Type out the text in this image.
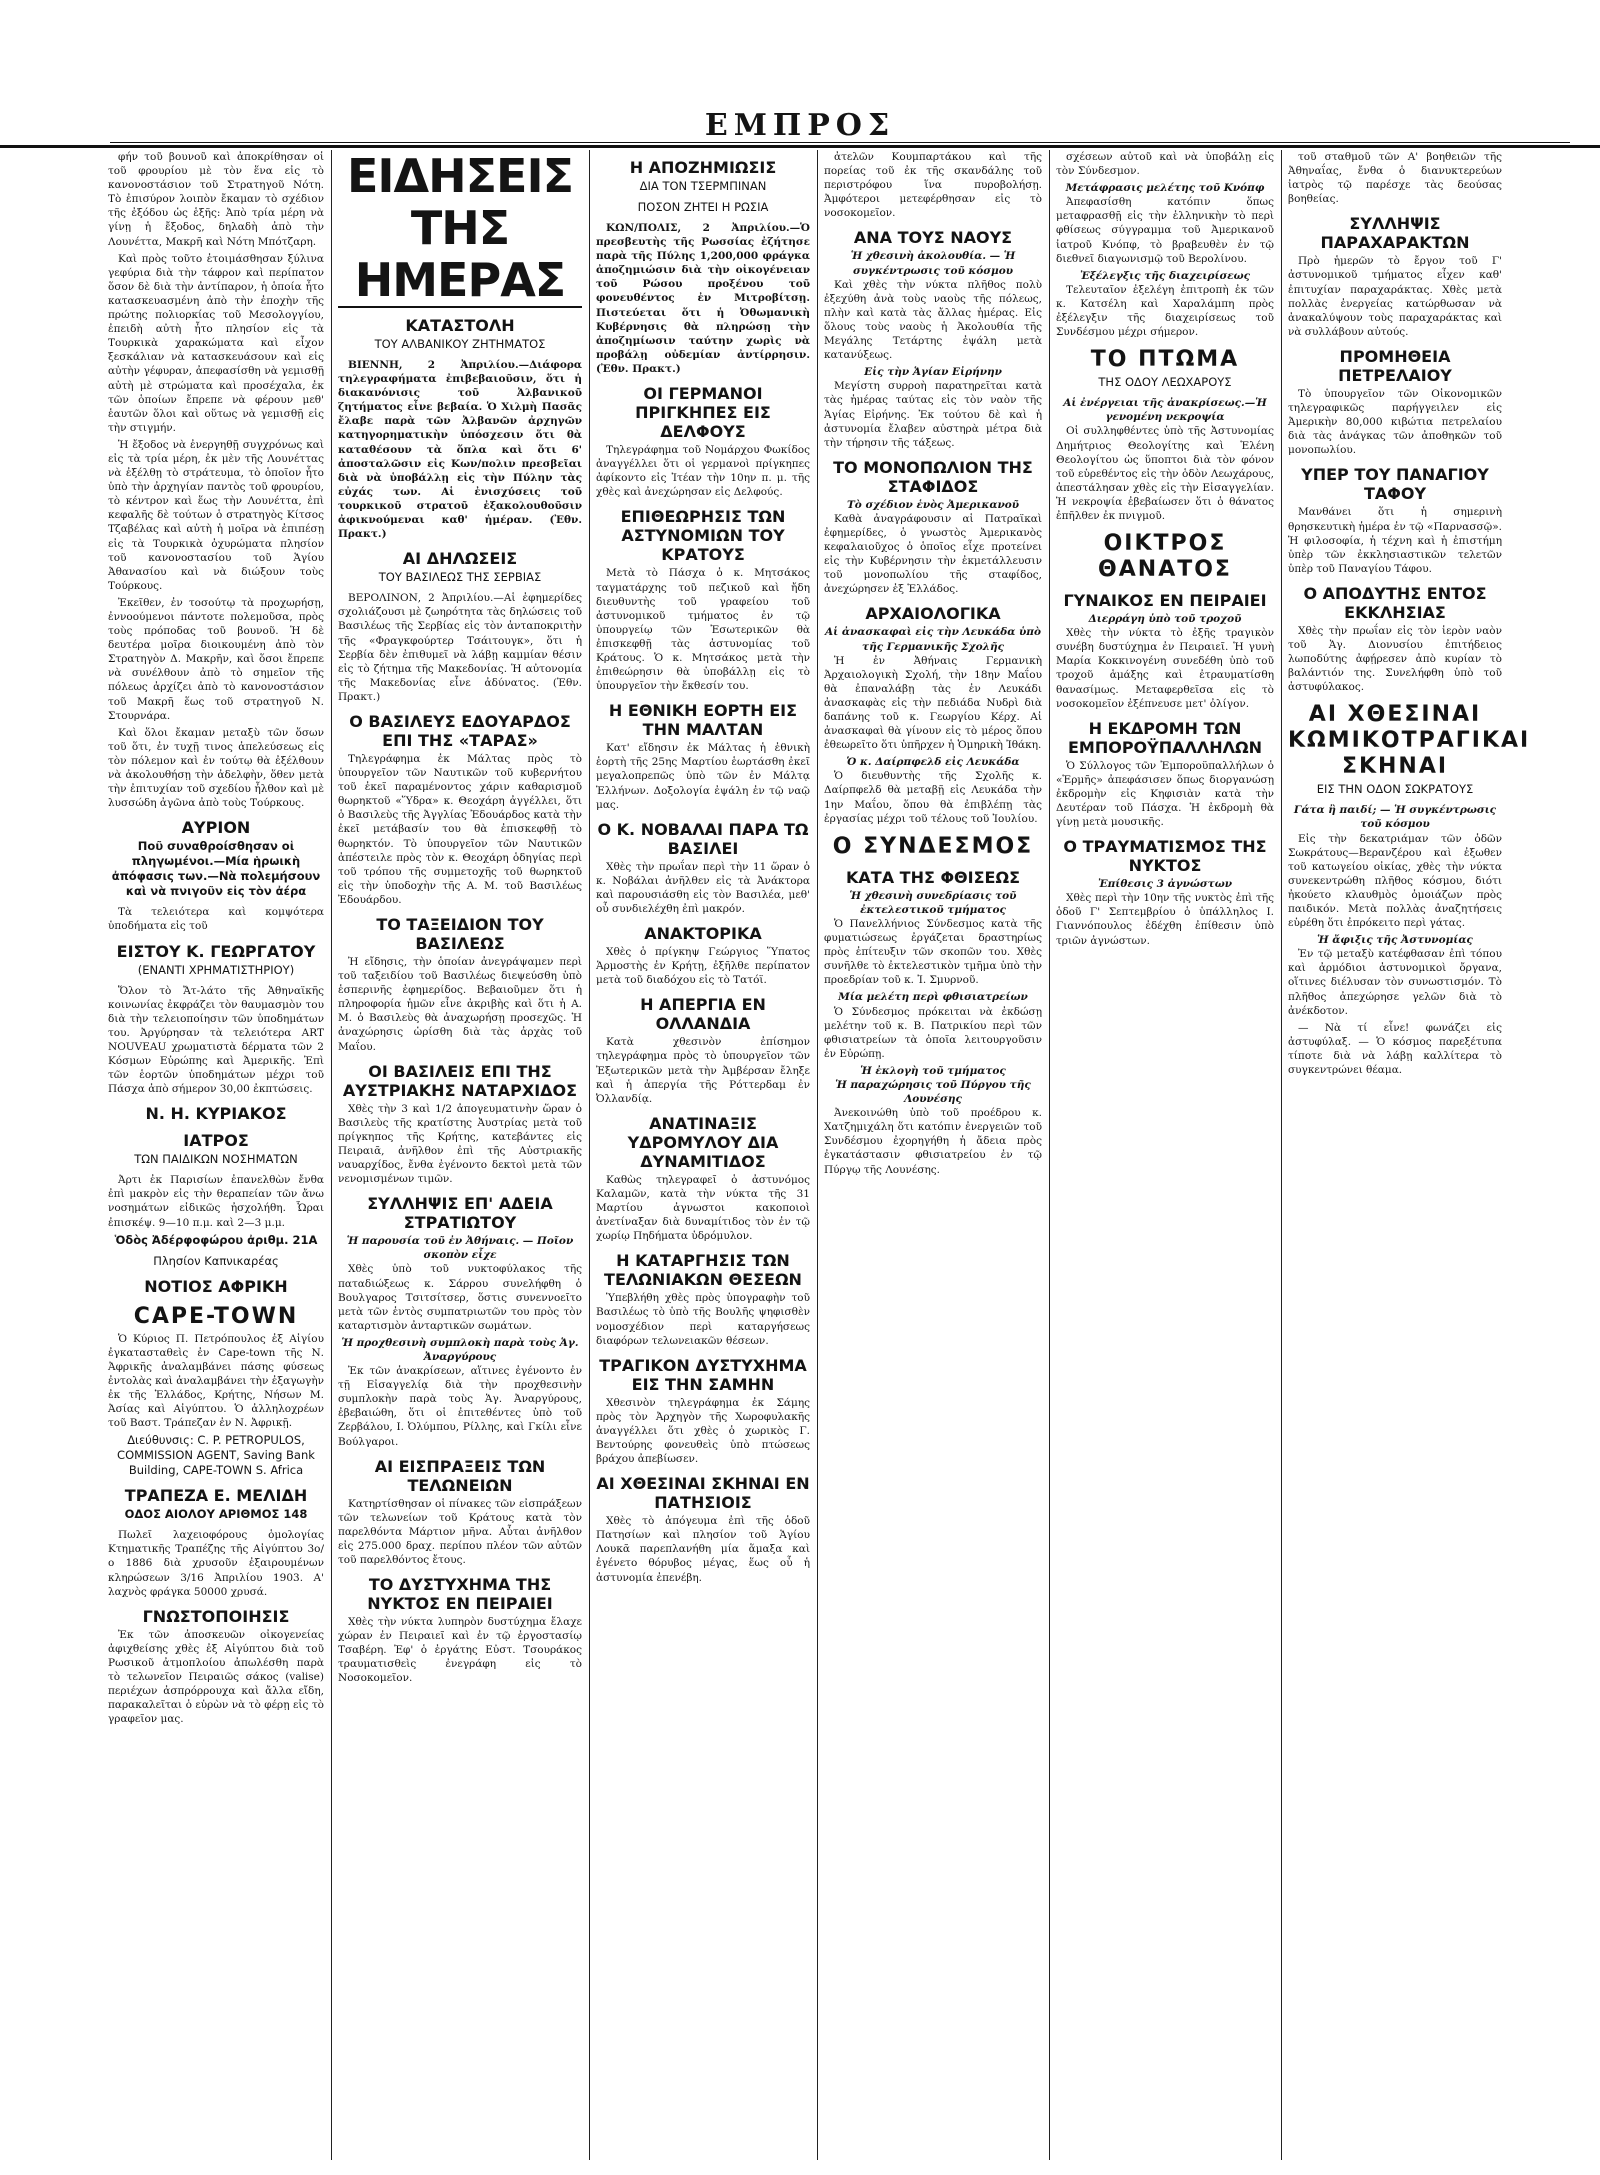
ΕΜΠΡΟΣ
φήν τοῦ βουνοῦ καὶ ἀποκρίθησαν οἱ τοῦ φρουρίου μὲ τὸν ἕνα εἰς τὸ κανονοστάσιον τοῦ Στρατηγοῦ Νότη. Τὸ ἐπισύρον λοιπὸν ἔκαμαν τὸ σχέδιον τῆς ἐξόδου ὡς ἑξῆς: Ἀπὸ τρία μέρη νὰ γίνῃ ἡ ἔξοδος, δηλαδὴ ἀπὸ τὴν Λουνέττα, Μακρῆ καὶ Νότη Μπότζαρη.
Καὶ πρὸς τοῦτο ἑτοιμάσθησαν ξύλινα γεφύρια διὰ τὴν τάφρον καὶ περίπατον ὅσον δὲ διὰ τὴν ἀντίπαρον, ἡ ὁποία ἦτο κατασκευασμένη ἀπὸ τὴν ἐποχὴν τῆς πρώτης πολιορκίας τοῦ Μεσολογγίου, ἐπειδὴ αὐτὴ ἦτο πλησίον εἰς τὰ Τουρκικὰ χαρακώματα καὶ εἶχον ξεσκάλιαν νὰ κατασκευάσουν καὶ εἰς αὐτὴν γέφυραν, ἀπεφασίσθη νὰ γεμισθῇ αὐτὴ μὲ στρώματα καὶ προσέχαλα, ἐκ τῶν ὁποίων ἔπρεπε νὰ φέρουν μεθ' ἑαυτῶν ὅλοι καὶ οὕτως νὰ γεμισθῇ εἰς τὴν στιγμήν.
Ἡ ἔξοδος νὰ ἐνεργηθῇ συγχρόνως καὶ εἰς τὰ τρία μέρη, ἐκ μὲν τῆς Λουνέττας νὰ ἐξέλθῃ τὸ στράτευμα, τὸ ὁποῖον ἦτο ὑπὸ τὴν ἀρχηγίαν παντὸς τοῦ φρουρίου, τὸ κέντρον καὶ ἕως τὴν Λουνέττα, ἐπὶ κεφαλῆς δὲ τούτων ὁ στρατηγὸς Κίτσος Τζαβέλας καὶ αὐτὴ ἡ μοῖρα νὰ ἐπιπέσῃ εἰς τὰ Τουρκικὰ ὀχυρώματα πλησίον τοῦ κανονοστασίου τοῦ Ἁγίου Ἀθανασίου καὶ νὰ διώξουν τοὺς Τούρκους.
Ἐκεῖθεν, ἐν τοσούτῳ τὰ προχωρήσῃ, ἐννοούμενοι πάντοτε πολεμοῦσα, πρὸς τοὺς πρόποδας τοῦ βουνοῦ. Ἡ δὲ δευτέρα μοῖρα διοικουμένη ἀπὸ τὸν Στρατηγὸν Δ. Μακρῆν, καὶ ὅσοι ἔπρεπε νὰ συνέλθουν ἀπὸ τὸ σημεῖον τῆς πόλεως ἀρχίζει ἀπὸ τὸ κανονοστάσιον τοῦ Μακρῆ ἕως τοῦ στρατηγοῦ Ν. Στουρνάρα.
Καὶ ὅλοι ἔκαμαν μεταξὺ τῶν ὅσων τοῦ ὅτι, ἐν τυχῇ τινος ἀπελεύσεως εἰς τὸν πόλεμον καὶ ἐν τούτῳ θὰ ἐξέλθουν νὰ ἀκολουθήσῃ τὴν ἀδελφὴν, ὅθεν μετὰ τὴν ἐπιτυχίαν τοῦ σχεδίου ἦλθον καὶ μὲ λυσσώδη ἀγῶνα ἀπὸ τοὺς Τούρκους.
ΑΥΡΙΟΝ
Ποῦ συναθροίσθησαν οἱ πληγωμένοι.—Μία ἡρωικὴ ἀπόφασις των.—Νὰ πολεμήσουν καὶ νὰ πνιγοῦν εἰς τὸν ἀέρα
Τὰ τελειότερα καὶ κομψότερα ὑποδήματα εἰς τοῦ
ΕΙΣΤΟΥ Κ. ΓΕΩΡΓΑΤΟΥ
(ΕΝΑΝΤΙ ΧΡΗΜΑΤΙΣΤΗΡΙΟΥ)
Ὅλον τὸ Ἄτ-λάτο τῆς Ἀθηναϊκῆς κοινωνίας ἐκφράζει τὸν θαυμασμὸν του διὰ τὴν τελειοποίησιν τῶν ὑποδημάτων του. Ἀργύρησαν τὰ τελειότερα ART NOUVEAU χρωματιστὰ δέρματα τῶν 2 Κόσμων Εὐρώπης καὶ Ἀμερικῆς. Ἐπὶ τῶν ἑορτῶν ὑποδημάτων μέχρι τοῦ Πάσχα ἀπὸ σήμερον 30,00 ἐκπτώσεις.
Ν. Η. ΚΥΡΙΑΚΟΣ
ΙΑΤΡΟΣ
ΤΩΝ ΠΑΙΔΙΚΩΝ ΝΟΣΗΜΑΤΩΝ
Ἀρτι ἐκ Παρισίων ἐπανελθὼν ἔνθα ἐπὶ μακρὸν εἰς τὴν θεραπείαν τῶν ἄνω νοσημάτων εἰδικῶς ἠσχολήθη. Ὧραι ἐπισκέψ. 9—10 π.μ. καὶ 2—3 μ.μ.
Ὁδὸς Ἀδέρφοφώρου ἀριθμ. 21Α
Πλησίον Καπνικαρέας
ΝΟΤΙΟΣ ΑΦΡΙΚΗ
CAPE-TOWN
Ὁ Κύριος Π. Πετρόπουλος ἐξ Αἰγίου ἐγκατασταθεὶς ἐν Cape-town τῆς Ν. Ἀφρικῆς ἀναλαμβάνει πάσης φύσεως ἐντολὰς καὶ ἀναλαμβάνει τὴν ἐξαγωγὴν ἐκ τῆς Ἑλλάδος, Κρήτης, Νήσων Μ. Ἀσίας καὶ Αἰγύπτου. Ὁ ἀλληλοχρέων τοῦ Βαστ. Τράπεζαν ἐν Ν. Ἀφρικῇ.
Διεύθυνσις: C. P. PETROPULOS, COMMISSION AGENT, Saving Bank Building, CAPE-TOWN S. Africa
ΤΡΑΠΕΖΑ Ε. ΜΕΛΙΔΗ
ΟΔΟΣ ΑΙΟΛΟΥ ΑΡΙΘΜΟΣ 148
Πωλεῖ λαχειοφόρους ὁμολογίας Κτηματικῆς Τραπέζης τῆς Αἰγύπτου 3ο/ο 1886 διὰ χρυσοῦν ἐξαιρουμένων κληρώσεων 3/16 Ἀπριλίου 1903. Α' λαχνὸς φράγκα 50000 χρυσά.
ΓΝΩΣΤΟΠΟΙΗΣΙΣ
Ἐκ τῶν ἀποσκευῶν οἰκογενείας ἀφιχθείσης χθὲς ἐξ Αἰγύπτου διὰ τοῦ Ρωσικοῦ ἀτμοπλοίου ἀπωλέσθη παρὰ τὸ τελωνεῖον Πειραιῶς σάκος (valise) περιέχων ἀσπρόρρουχα καὶ ἄλλα εἴδη, παρακαλεῖται ὁ εὑρὼν νὰ τὸ φέρῃ εἰς τὸ γραφεῖον μας.
ΕΙΔΗΣΕΙΣ ΤΗΣ ΗΜΕΡΑΣ
ΚΑΤΑΣΤΟΛΗ
ΤΟΥ ΑΛΒΑΝΙΚΟΥ ΖΗΤΗΜΑΤΟΣ
ΒΙΕΝΝΗ, 2 Ἀπριλίου.—Διάφορα τηλεγραφήματα ἐπιβεβαιοῦσιν, ὅτι ἡ διακανόνισις τοῦ Ἀλβανικοῦ ζητήματος εἶνε βεβαία. Ὁ Χιλμὴ Πασᾶς ἔλαβε παρὰ τῶν Ἀλβανῶν ἀρχηγῶν κατηγορηματικὴν ὑπόσχεσιν ὅτι θὰ καταθέσουν τὰ ὅπλα καὶ ὅτι 6' ἀποσταλῶσιν εἰς Κων/πολιν πρεσβεῖαι διὰ νὰ ὑποβάλλῃ εἰς τὴν Πύλην τὰς εὐχάς των. Αἱ ἐνισχύσεις τοῦ τουρκικοῦ στρατοῦ ἐξακολουθοῦσιν ἀφικνούμεναι καθ' ἡμέραν. (Ἐθν. Πρακτ.)
ΑΙ ΔΗΛΩΣΕΙΣ
ΤΟΥ ΒΑΣΙΛΕΩΣ ΤΗΣ ΣΕΡΒΙΑΣ
ΒΕΡΟΛΙΝΟΝ, 2 Ἀπριλίου.—Αἱ ἐφημερίδες σχολιάζουσι μὲ ζωηρότητα τὰς δηλώσεις τοῦ Βασιλέως τῆς Σερβίας εἰς τὸν ἀνταποκριτὴν τῆς «Φραγκφούρτερ Τσάιτουγκ», ὅτι ἡ Σερβία δὲν ἐπιθυμεῖ νὰ λάβῃ καμμίαν θέσιν εἰς τὸ ζήτημα τῆς Μακεδονίας. Ἡ αὐτονομία τῆς Μακεδονίας εἶνε ἀδύνατος. (Ἐθν. Πρακτ.)
Ο ΒΑΣΙΛΕΥΣ ΕΔΟΥΑΡΔΟΣ ΕΠΙ ΤΗΣ «ΤΑΡΑΣ»
Τηλεγράφημα ἐκ Μάλτας πρὸς τὸ ὑπουργεῖον τῶν Ναυτικῶν τοῦ κυβερνήτου τοῦ ἐκεῖ παραμένοντος χάριν καθαρισμοῦ θωρηκτοῦ «Ὕδρα» κ. Θεοχάρη ἀγγέλλει, ὅτι ὁ Βασιλεὺς τῆς Ἀγγλίας Ἐδουάρδος κατὰ τὴν ἐκεῖ μετάβασίν του θὰ ἐπισκεφθῇ τὸ θωρηκτόν. Τὸ ὑπουργεῖον τῶν Ναυτικῶν ἀπέστειλε πρὸς τὸν κ. Θεοχάρη ὁδηγίας περὶ τοῦ τρόπου τῆς συμμετοχῆς τοῦ θωρηκτοῦ εἰς τὴν ὑποδοχὴν τῆς Α. Μ. τοῦ Βασιλέως Ἐδουάρδου.
ΤΟ ΤΑΞΕΙΔΙΟΝ ΤΟΥ ΒΑΣΙΛΕΩΣ
Ἠ εἴδησις, τὴν ὁποίαν ἀνεγράψαμεν περὶ τοῦ ταξειδίου τοῦ Βασιλέως διεψεύσθη ὑπὸ ἑσπερινῆς ἐφημερίδος. Βεβαιοῦμεν ὅτι ἡ πληροφορία ἡμῶν εἶνε ἀκριβὴς καὶ ὅτι ἡ Α. Μ. ὁ Βασιλεὺς θὰ ἀναχωρήσῃ προσεχῶς. Ἡ ἀναχώρησις ὡρίσθη διὰ τὰς ἀρχὰς τοῦ Μαΐου.
ΟΙ ΒΑΣΙΛΕΙΣ ΕΠΙ ΤΗΣ ΑΥΣΤΡΙΑΚΗΣ ΝΑΤΑΡΧΙΔΟΣ
Χθὲς τὴν 3 καὶ 1/2 ἀπογευματινὴν ὥραν ὁ Βασιλεὺς τῆς κρατίστης Ἀυστρίας μετὰ τοῦ πρίγκηπος τῆς Κρήτης, κατεβάντες εἰς Πειραιᾶ, ἀνῆλθον ἐπὶ τῆς Αὐστριακῆς ναυαρχίδος, ἔνθα ἐγένοντο δεκτοὶ μετὰ τῶν νενομισμένων τιμῶν.
ΣΥΛΛΗΨΙΣ ΕΠ' ΑΔΕΙΑ ΣΤΡΑΤΙΩΤΟΥ
Ἡ παρουσία τοῦ ἐν Ἀθήναις. — Ποῖον σκοπὸν εἶχε
Χθὲς ὑπὸ τοῦ νυκτοφύλακος τῆς παταδιώξεως κ. Σάρρου συνελήφθη ὁ Βουλγαρος Τσιτσίτσερ, ὅστις συνεννοεῖτο μετὰ τῶν ἐντὸς συμπατριωτῶν του πρὸς τὸν καταρτισμὸν ἀνταρτικῶν σωμάτων.
Ἡ προχθεσινὴ συμπλοκὴ παρὰ τοὺς Ἁγ. Ἀναργύρους
Ἐκ τῶν ἀνακρίσεων, αἵτινες ἐγένοντο ἐν τῇ Εἰσαγγελίᾳ διὰ τὴν προχθεσινὴν συμπλοκὴν παρὰ τοὺς Ἁγ. Ἀναργύρους, ἐβεβαιώθη, ὅτι οἱ ἐπιτεθέντες ὑπὸ τοῦ Ζερβάλου, Ι. Ὀλύμπου, Ρίλλης, καὶ Γκίλι εἶνε Βούλγαροι.
ΑΙ ΕΙΣΠΡΑΞΕΙΣ ΤΩΝ ΤΕΛΩΝΕΙΩΝ
Κατηρτίσθησαν οἱ πίνακες τῶν εἰσπράξεων τῶν τελωνείων τοῦ Κράτους κατὰ τὸν παρελθόντα Μάρτιον μῆνα. Αὗται ἀνῆλθον εἰς 275.000 δραχ. περίπου πλέον τῶν αὐτῶν τοῦ παρελθόντος ἔτους.
ΤΟ ΔΥΣΤΥΧΗΜΑ ΤΗΣ ΝΥΚΤΟΣ ΕΝ ΠΕΙΡΑΙΕΙ
Χθὲς τὴν νύκτα λυπηρὸν δυστύχημα ἔλαχε χώραν ἐν Πειραιεῖ καὶ ἐν τῷ ἐργοστασίῳ Τσαβέρη. Ἐφ' ὁ ἐργάτης Εὐστ. Τσουράκος τραυματισθεὶς ἐνεγράφη εἰς τὸ Νοσοκομεῖον.
Η ΑΠΟΖΗΜΙΩΣΙΣ
ΔΙΑ ΤΟΝ ΤΣΕΡΜΠΙΝΑΝ
ΠΟΣΟΝ ΖΗΤΕΙ Η ΡΩΣΙΑ
ΚΩΝ/ΠΟΛΙΣ, 2 Ἀπριλίου.—Ὁ πρεσβευτὴς τῆς Ρωσσίας ἐζήτησε παρὰ τῆς Πύλης 1,200,000 φράγκα ἀποζημιώσιν διὰ τὴν οἰκογένειαν τοῦ Ρώσου προξένου τοῦ φονευθέντος ἐν Μιτροβίτσῃ. Πιστεύεται ὅτι ἡ Ὀθωμανικὴ Κυβέρνησις θὰ πληρώσῃ τὴν ἀποζημίωσιν ταύτην χωρὶς νὰ προβάλῃ οὐδεμίαν ἀντίρρησιν. (Ἐθν. Πρακτ.)
ΟΙ ΓΕΡΜΑΝΟΙ ΠΡΙΓΚΗΠΕΣ ΕΙΣ ΔΕΛΦΟΥΣ
Τηλεγράφημα τοῦ Νομάρχου Φωκίδος ἀναγγέλλει ὅτι οἱ γερμανοὶ πρίγκηπες ἀφίκοντο εἰς Ἰτέαν τὴν 10ην π. μ. τῆς χθὲς καὶ ἀνεχώρησαν εἰς Δελφούς.
ΕΠΙΘΕΩΡΗΣΙΣ ΤΩΝ ΑΣΤΥΝΟΜΙΩΝ ΤΟΥ ΚΡΑΤΟΥΣ
Μετὰ τὸ Πάσχα ὁ κ. Μητσάκος ταγματάρχης τοῦ πεζικοῦ καὶ ἤδη διευθυντὴς τοῦ γραφείου τοῦ ἀστυνομικοῦ τμήματος ἐν τῷ ὑπουργείῳ τῶν Ἐσωτερικῶν θὰ ἐπισκεφθῇ τὰς ἀστυνομίας τοῦ Κράτους. Ὁ κ. Μητσάκος μετὰ τὴν ἐπιθεώρησιν θὰ ὑποβάλλῃ εἰς τὸ ὑπουργεῖον τὴν ἔκθεσίν του.
Η ΕΘΝΙΚΗ ΕΟΡΤΗ ΕΙΣ ΤΗΝ ΜΑΛΤΑΝ
Κατ' εἴδησιν ἐκ Μάλτας ἡ ἐθνικὴ ἑορτὴ τῆς 25ης Μαρτίου ἑωρτάσθη ἐκεῖ μεγαλοπρεπῶς ὑπὸ τῶν ἐν Μάλτᾳ Ἑλλήνων. Δοξολογία ἐψάλη ἐν τῷ ναῷ μας.
Ο Κ. ΝΟΒΑΛΑΙ ΠΑΡΑ ΤΩ ΒΑΣΙΛΕΙ
Χθὲς τὴν πρωΐαν περὶ τὴν 11 ὥραν ὁ κ. Νοβάλαι ἀνῆλθεν εἰς τὰ Ἀνάκτορα καὶ παρουσιάσθη εἰς τὸν Βασιλέα, μεθ' οὗ συνδιελέχθη ἐπὶ μακρόν.
ΑΝΑΚΤΟΡΙΚΑ
Χθὲς ὁ πρίγκηψ Γεώργιος Ὕπατος Ἁρμοστὴς ἐν Κρήτῃ, ἐξῆλθε περίπατον μετὰ τοῦ διαδόχου εἰς τὸ Τατόϊ.
Η ΑΠΕΡΓΙΑ ΕΝ ΟΛΛΑΝΔΙΑ
Κατὰ χθεσινὸν ἐπίσημον τηλεγράφημα πρὸς τὸ ὑπουργεῖον τῶν Ἐξωτερικῶν μετὰ τὴν Ἀμβέρσαν ἔληξε καὶ ἡ ἀπεργία τῆς Ρόττερδαμ ἐν Ὀλλανδίᾳ.
ΑΝΑΤΙΝΑΞΙΣ ΥΔΡΟΜΥΛΟΥ ΔΙΑ ΔΥΝΑΜΙΤΙΔΟΣ
Καθὼς τηλεγραφεῖ ὁ ἀστυνόμος Καλαμῶν, κατὰ τὴν νύκτα τῆς 31 Μαρτίου ἀγνωστοι κακοποιοὶ ἀνετίναξαν διὰ δυναμίτιδος τὸν ἐν τῷ χωρίῳ Πηδήματα ὑδρόμυλον.
Η ΚΑΤΑΡΓΗΣΙΣ ΤΩΝ ΤΕΛΩΝΙΑΚΩΝ ΘΕΣΕΩΝ
Ὑπεβλήθη χθὲς πρὸς ὑπογραφὴν τοῦ Βασιλέως τὸ ὑπὸ τῆς Βουλῆς ψηφισθὲν νομοσχέδιον περὶ καταργήσεως διαφόρων τελωνειακῶν θέσεων.
ΤΡΑΓΙΚΟΝ ΔΥΣΤΥΧΗΜΑ ΕΙΣ ΤΗΝ ΣΑΜΗΝ
Χθεσινὸν τηλεγράφημα ἐκ Σάμης πρὸς τὸν Ἀρχηγὸν τῆς Χωροφυλακῆς ἀναγγέλλει ὅτι χθὲς ὁ χωρικὸς Γ. Βεντούρης φονευθεὶς ὑπὸ πτώσεως βράχου ἀπεβίωσεν.
ΑΙ ΧΘΕΣΙΝΑΙ ΣΚΗΝΑΙ ΕΝ ΠΑΤΗΣΙΟΙΣ
Χθὲς τὸ ἀπόγευμα ἐπὶ τῆς ὁδοῦ Πατησίων καὶ πλησίον τοῦ Ἁγίου Λουκᾶ παρεπλανήθη μία ἅμαξα καὶ ἐγένετο θόρυβος μέγας, ἕως οὗ ἡ ἀστυνομία ἐπενέβη.
ἀτελῶν Κουμπαρτάκου καὶ τῆς πορείας τοῦ ἐκ τῆς σκανδάλης τοῦ περιστρόφου ἵνα πυροβολήσῃ. Ἀμφότεροι μετεφέρθησαν εἰς τὸ νοσοκομεῖον.
ΑΝΑ ΤΟΥΣ ΝΑΟΥΣ
Ἡ χθεσινὴ ἀκολουθία. — Ἡ συγκέντρωσις τοῦ κόσμου
Καὶ χθὲς τὴν νύκτα πλῆθος πολὺ ἐξεχύθη ἀνὰ τοὺς ναοὺς τῆς πόλεως, πλὴν καὶ κατὰ τὰς ἄλλας ἡμέρας. Εἰς ὅλους τοὺς ναοὺς ἡ Ἀκολουθία τῆς Μεγάλης Τετάρτης ἐψάλη μετὰ κατανύξεως.
Εἰς τὴν Ἁγίαν Εἰρήνην
Μεγίστη συρροὴ παρατηρεῖται κατὰ τὰς ἡμέρας ταύτας εἰς τὸν ναὸν τῆς Ἁγίας Εἰρήνης. Ἐκ τούτου δὲ καὶ ἡ ἀστυνομία ἔλαβεν αὐστηρὰ μέτρα διὰ τὴν τήρησιν τῆς τάξεως.
ΤΟ ΜΟΝΟΠΩΛΙΟΝ ΤΗΣ ΣΤΑΦΙΔΟΣ
Τὸ σχέδιον ἑνὸς Ἀμερικανοῦ
Καθὰ ἀναγράφουσιν αἱ Πατραϊκαὶ ἐφημερίδες, ὁ γνωστὸς Ἀμερικανὸς κεφαλαιοῦχος ὁ ὁποῖος εἶχε προτείνει εἰς τὴν Κυβέρνησιν τὴν ἐκμετάλλευσιν τοῦ μονοπωλίου τῆς σταφίδος, ἀνεχώρησεν ἐξ Ἑλλάδος.
ΑΡΧΑΙΟΛΟΓΙΚΑ
Αἱ ἀνασκαφαὶ εἰς τὴν Λευκάδα ὑπὸ τῆς Γερμανικῆς Σχολῆς
Ἡ ἐν Ἀθήναις Γερμανικὴ Ἀρχαιολογικὴ Σχολή, τὴν 18ην Μαΐου θὰ ἐπαναλάβῃ τὰς ἐν Λευκάδι ἀνασκαφὰς εἰς τὴν πεδιάδα Νυδρὶ διὰ δαπάνης τοῦ κ. Γεωργίου Κέρχ. Αἱ ἀνασκαφαὶ θὰ γίνουν εἰς τὸ μέρος ὅπου ἐθεωρεῖτο ὅτι ὑπῆρχεν ἡ Ὁμηρικὴ Ἰθάκη.
Ὁ κ. Δαίρπφελδ εἰς Λευκάδα
Ὁ διευθυντὴς τῆς Σχολῆς κ. Δαίρπφελδ θὰ μεταβῇ εἰς Λευκάδα τὴν 1ην Μαΐου, ὅπου θὰ ἐπιβλέπῃ τὰς ἐργασίας μέχρι τοῦ τέλους τοῦ Ἰουλίου.
Ο ΣΥΝΔΕΣΜΟΣ
ΚΑΤΑ ΤΗΣ ΦΘΙΣΕΩΣ
Ἡ χθεσινὴ συνεδρίασις τοῦ ἐκτελεστικοῦ τμήματος
Ὁ Πανελλήνιος Σύνδεσμος κατὰ τῆς φυματιώσεως ἐργάζεται δραστηρίως πρὸς ἐπίτευξιν τῶν σκοπῶν του. Χθὲς συνῆλθε τὸ ἐκτελεστικὸν τμῆμα ὑπὸ τὴν προεδρίαν τοῦ κ. Ἰ. Σμυρνοῦ.
Μία μελέτη περὶ φθισιατρείων
Ὁ Σύνδεσμος πρόκειται νὰ ἐκδώσῃ μελέτην τοῦ κ. Β. Πατρικίου περὶ τῶν φθισιατρείων τὰ ὁποῖα λειτουργοῦσιν ἐν Εὐρώπῃ.
Ἡ ἐκλογὴ τοῦ τμήματος
Ἡ παραχώρησις τοῦ Πύργου τῆς Λουνέσης
Ἀνεκοινώθη ὑπὸ τοῦ προέδρου κ. Χατζημιχάλη ὅτι κατόπιν ἐνεργειῶν τοῦ Συνδέσμου ἐχορηγήθη ἡ ἄδεια πρὸς ἐγκατάστασιν φθισιατρείου ἐν τῷ Πύργῳ τῆς Λουνέσης.
σχέσεων αὐτοῦ καὶ νὰ ὑποβάλῃ εἰς τὸν Σύνδεσμον.
Μετάφρασις μελέτης τοῦ Κνόπφ
Ἀπεφασίσθη κατόπιν ὅπως μεταφρασθῇ εἰς τὴν ἑλληνικὴν τὸ περὶ φθίσεως σύγγραμμα τοῦ Ἀμερικανοῦ ἰατροῦ Κνόπφ, τὸ βραβευθὲν ἐν τῷ διεθνεῖ διαγωνισμῷ τοῦ Βερολίνου.
Ἐξέλεγξις τῆς διαχειρίσεως
Τελευταῖον ἐξελέγη ἐπιτροπὴ ἐκ τῶν κ. Κατσέλη καὶ Χαραλάμπη πρὸς ἐξέλεγξιν τῆς διαχειρίσεως τοῦ Συνδέσμου μέχρι σήμερον.
ΤΟ ΠΤΩΜΑ
ΤΗΣ ΟΔΟΥ ΛΕΩΧΑΡΟΥΣ
Αἱ ἐνέργειαι τῆς ἀνακρίσεως.—Ἡ γενομένη νεκροψία
Οἱ συλληφθέντες ὑπὸ τῆς Ἀστυνομίας Δημήτριος Θεολογίτης καὶ Ἑλένη Θεολογίτου ὡς ὕποπτοι διὰ τὸν φόνον τοῦ εὑρεθέντος εἰς τὴν ὁδὸν Λεωχάρους, ἀπεστάλησαν χθὲς εἰς τὴν Εἰσαγγελίαν. Ἡ νεκροψία ἐβεβαίωσεν ὅτι ὁ θάνατος ἐπῆλθεν ἐκ πνιγμοῦ.
ΟΙΚΤΡΟΣ ΘΑΝΑΤΟΣ
ΓΥΝΑΙΚΟΣ ΕΝ ΠΕΙΡΑΙΕΙ
Διερράγη ὑπὸ τοῦ τροχοῦ
Χθὲς τὴν νύκτα τὸ ἐξῆς τραγικὸν συνέβη δυστύχημα ἐν Πειραιεῖ. Ἡ γυνὴ Μαρία Κοκκινογένη συνεδέθη ὑπὸ τοῦ τροχοῦ ἁμάξης καὶ ἐτραυματίσθη θανασίμως. Μεταφερθεῖσα εἰς τὸ νοσοκομεῖον ἐξέπνευσε μετ' ὀλίγον.
Η ΕΚΔΡΟΜΗ ΤΩΝ ΕΜΠΟΡΟΫΠΑΛΛΗΛΩΝ
Ὁ Σύλλογος τῶν Ἐμποροϋπαλλήλων ὁ «Ἑρμῆς» ἀπεφάσισεν ὅπως διοργανώσῃ ἐκδρομὴν εἰς Κηφισιὰν κατὰ τὴν Δευτέραν τοῦ Πάσχα. Ἡ ἐκδρομὴ θὰ γίνῃ μετὰ μουσικῆς.
Ο ΤΡΑΥΜΑΤΙΣΜΟΣ ΤΗΣ ΝΥΚΤΟΣ
Ἐπίθεσις 3 ἀγνώστων
Χθὲς περὶ τὴν 10ην τῆς νυκτὸς ἐπὶ τῆς ὁδοῦ Γ' Σεπτεμβρίου ὁ ὑπάλληλος Ι. Γιαννόπουλος ἐδέχθη ἐπίθεσιν ὑπὸ τριῶν ἀγνώστων.
τοῦ σταθμοῦ τῶν Α' βοηθειῶν τῆς Ἀθηναΐας, ἔνθα ὁ διανυκτερεύων ἰατρὸς τῷ παρέσχε τὰς δεούσας βοηθείας.
ΣΥΛΛΗΨΙΣ ΠΑΡΑΧΑΡΑΚΤΩΝ
Πρὸ ἡμερῶν τὸ ἔργον τοῦ Γ' ἀστυνομικοῦ τμήματος εἶχεν καθ' ἐπιτυχίαν παραχαράκτας. Χθὲς μετὰ πολλὰς ἐνεργείας κατώρθωσαν νὰ ἀνακαλύψουν τοὺς παραχαράκτας καὶ νὰ συλλάβουν αὐτούς.
ΠΡΟΜΗΘΕΙΑ ΠΕΤΡΕΛΑΙΟΥ
Τὸ ὑπουργεῖον τῶν Οἰκονομικῶν τηλεγραφικῶς παρήγγειλεν εἰς Ἀμερικὴν 80,000 κιβώτια πετρελαίου διὰ τὰς ἀνάγκας τῶν ἀποθηκῶν τοῦ μονοπωλίου.
ΥΠΕΡ ΤΟΥ ΠΑΝΑΓΙΟΥ ΤΑΦΟΥ
Μανθάνει ὅτι ἡ σημερινὴ θρησκευτικὴ ἡμέρα ἐν τῷ «Παρνασσῷ». Ἡ φιλοσοφία, ἡ τέχνη καὶ ἡ ἐπιστήμη ὑπὲρ τῶν ἐκκλησιαστικῶν τελετῶν ὑπὲρ τοῦ Παναγίου Τάφου.
Ο ΑΠΟΔΥΤΗΣ ΕΝΤΟΣ ΕΚΚΛΗΣΙΑΣ
Χθὲς τὴν πρωΐαν εἰς τὸν ἱερὸν ναὸν τοῦ Ἁγ. Διονυσίου ἐπιτήδειος λωποδύτης ἀφῄρεσεν ἀπὸ κυρίαν τὸ βαλάντιόν της. Συνελήφθη ὑπὸ τοῦ ἀστυφύλακος.
ΑΙ ΧΘΕΣΙΝΑΙ ΚΩΜΙΚΟΤΡΑΓΙΚΑΙ ΣΚΗΝΑΙ
ΕΙΣ ΤΗΝ ΟΔΟΝ ΣΩΚΡΑΤΟΥΣ
Γάτα ἢ παιδί; — Ἡ συγκέντρωσις τοῦ κόσμου
Εἰς τὴν δεκατριάμαν τῶν ὁδῶν Σωκράτους—Βερανζέρου καὶ ἐξωθεν τοῦ κατωγείου οἰκίας, χθὲς τὴν νύκτα συνεκεντρώθη πλῆθος κόσμου, διότι ἠκούετο κλαυθμὸς ὁμοιάζων πρὸς παιδικόν. Μετὰ πολλὰς ἀναζητήσεις εὑρέθη ὅτι ἐπρόκειτο περὶ γάτας.
Ἡ ἄφιξις τῆς Ἀστυνομίας
Ἐν τῷ μεταξὺ κατέφθασαν ἐπὶ τόπου καὶ ἀρμόδιοι ἀστυνομικοὶ ὄργανα, οἵτινες διέλυσαν τὸν συνωστισμόν. Τὸ πλῆθος ἀπεχώρησε γελῶν διὰ τὸ ἀνέκδοτον.
— Νὰ τί εἶνε! φωνάζει εἰς ἀστυφύλαξ. — Ὁ κόσμος παρεξέτυπα τίποτε διὰ νὰ λάβῃ καλλίτερα τὸ συγκεντρώνει θέαμα.
